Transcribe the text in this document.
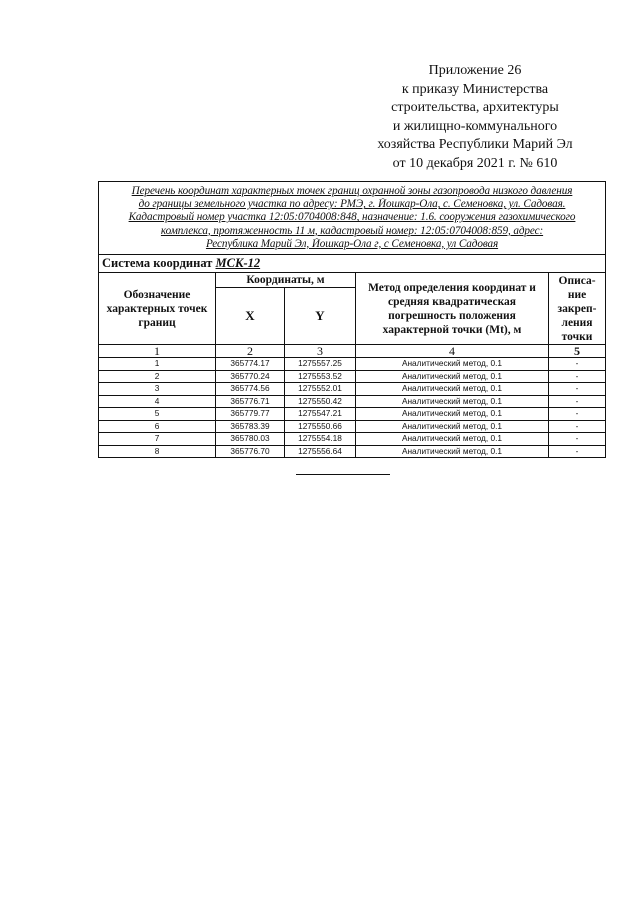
Приложение 26
к приказу Министерства
строительства, архитектуры
и жилищно-коммунального
хозяйства Республики Марий Эл
от 10 декабря 2021 г. № 610
Перечень координат характерных точек границ охранной зоны газопровода низкого давления
до границы земельного участка по адресу: РМЭ, г. Йошкар-Ола, с. Семеновка, ул. Садовая.
Кадастровый номер участка 12:05:0704008:848, назначение: 1.6. сооружения газохимического
комплекса, протяженность 11 м, кадастровый номер: 12:05:0704008:859, адрес:
Республика Марий Эл, Йошкар-Ола г, с Семеновка, ул Садовая				

Система координат МСК-12				
Обозначение характерных точек границ	Координаты, м		Метод определения координат и средняя квадратическая погрешность положения характерной точки (Mt), м	Описа-ние закреп-ления точки
	X	Y		
1	2	3	4	5
1	365774.17	1275557.25	Аналитический метод, 0.1	-
2	365770.24	1275553.52	Аналитический метод, 0.1	-
3	365774.56	1275552.01	Аналитический метод, 0.1	-
4	365776.71	1275550.42	Аналитический метод, 0.1	-
5	365779.77	1275547.21	Аналитический метод, 0.1	-
6	365783.39	1275550.66	Аналитический метод, 0.1	-
7	365780.03	1275554.18	Аналитический метод, 0.1	-
8	365776.70	1275556.64	Аналитический метод, 0.1	-
